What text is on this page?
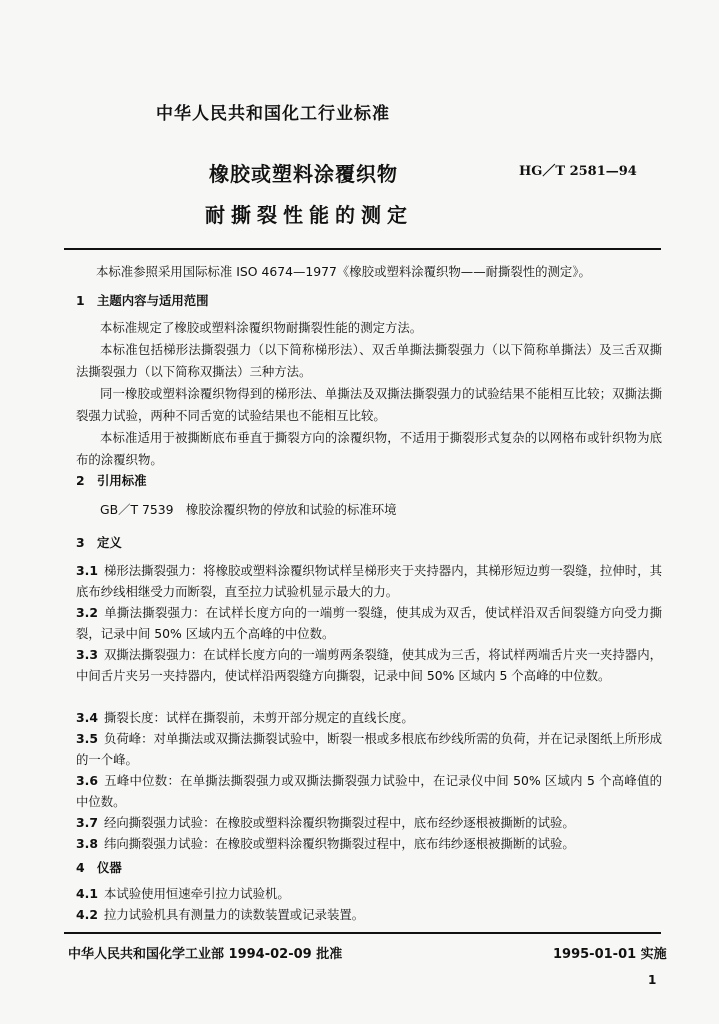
中华人民共和国化工行业标准
橡胶或塑料涂覆织物	HG／T 2581—94
耐撕裂性能的测定
本标准参照采用国际标准 ISO 4674—1977《橡胶或塑料涂覆织物——耐撕裂性的测定》。
1　主题内容与适用范围
本标准规定了橡胶或塑料涂覆织物耐撕裂性能的测定方法。
本标准包括梯形法撕裂强力（以下简称梯形法）、双舌单撕法撕裂强力（以下简称单撕法）及三舌双撕法撕裂强力（以下简称双撕法）三种方法。
同一橡胶或塑料涂覆织物得到的梯形法、单撕法及双撕法撕裂强力的试验结果不能相互比较；双撕法撕裂强力试验，两种不同舌宽的试验结果也不能相互比较。
本标准适用于被撕断底布垂直于撕裂方向的涂覆织物，不适用于撕裂形式复杂的以网格布或针织物为底布的涂覆织物。
2　引用标准
GB／T 7539　橡胶涂覆织物的停放和试验的标准环境
3　定义
3.1 梯形法撕裂强力：将橡胶或塑料涂覆织物试样呈梯形夹于夹持器内，其梯形短边剪一裂缝，拉伸时，其底布纱线相继受力而断裂，直至拉力试验机显示最大的力。
3.2 单撕法撕裂强力：在试样长度方向的一端剪一裂缝，使其成为双舌，使试样沿双舌间裂缝方向受力撕裂，记录中间 50% 区域内五个高峰的中位数。
3.3 双撕法撕裂强力：在试样长度方向的一端剪两条裂缝，使其成为三舌，将试样两端舌片夹一夹持器内，中间舌片夹另一夹持器内，使试样沿两裂缝方向撕裂，记录中间 50% 区域内 5 个高峰的中位数。
3.4 撕裂长度：试样在撕裂前，未剪开部分规定的直线长度。
3.5 负荷峰：对单撕法或双撕法撕裂试验中，断裂一根或多根底布纱线所需的负荷，并在记录图纸上所形成的一个峰。
3.6 五峰中位数：在单撕法撕裂强力或双撕法撕裂强力试验中，在记录仪中间 50% 区域内 5 个高峰值的中位数。
3.7 经向撕裂强力试验：在橡胶或塑料涂覆织物撕裂过程中，底布经纱逐根被撕断的试验。
3.8 纬向撕裂强力试验：在橡胶或塑料涂覆织物撕裂过程中，底布纬纱逐根被撕断的试验。
4　仪器
4.1 本试验使用恒速牵引拉力试验机。
4.2 拉力试验机具有测量力的读数装置或记录装置。
中华人民共和国化学工业部 1994-02-09 批准	1995-01-01 实施
1
